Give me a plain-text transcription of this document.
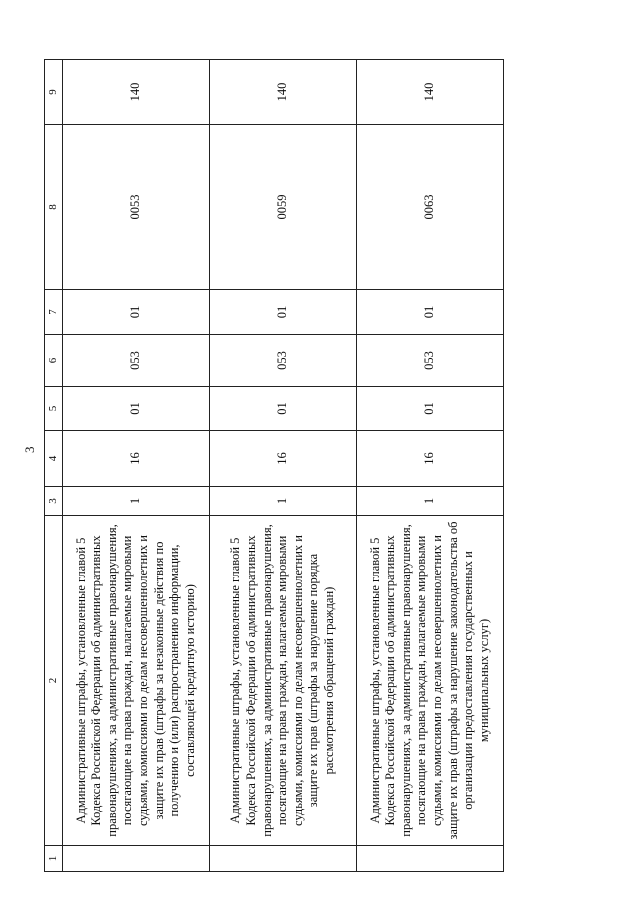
3
1	2	3	4	5	6	7	8	9
	Административные штрафы, установленные главой 5 Кодекса Российской Федерации об административных правонарушениях, за административные правонарушения, посягающие на права граждан, налагаемые мировыми судьями, комиссиями по делам несовершеннолетних и защите их прав (штрафы за незаконные действия по получению и (или) распространению информации, составляющей кредитную историю)	1	16	01	053	01	0053	140
	Административные штрафы, установленные главой 5 Кодекса Российской Федерации об административных правонарушениях, за административные правонарушения, посягающие на права граждан, налагаемые мировыми судьями, комиссиями по делам несовершеннолетних и защите их прав (штрафы за нарушение порядка рассмотрения обращений граждан)	1	16	01	053	01	0059	140
	Административные штрафы, установленные главой 5 Кодекса Российской Федерации об административных правонарушениях, за административные правонарушения, посягающие на права граждан, налагаемые мировыми судьями, комиссиями по делам несовершеннолетних и защите их прав (штрафы за нарушение законодательства об организации предоставления государственных и муниципальных услуг)	1	16	01	053	01	0063	140
